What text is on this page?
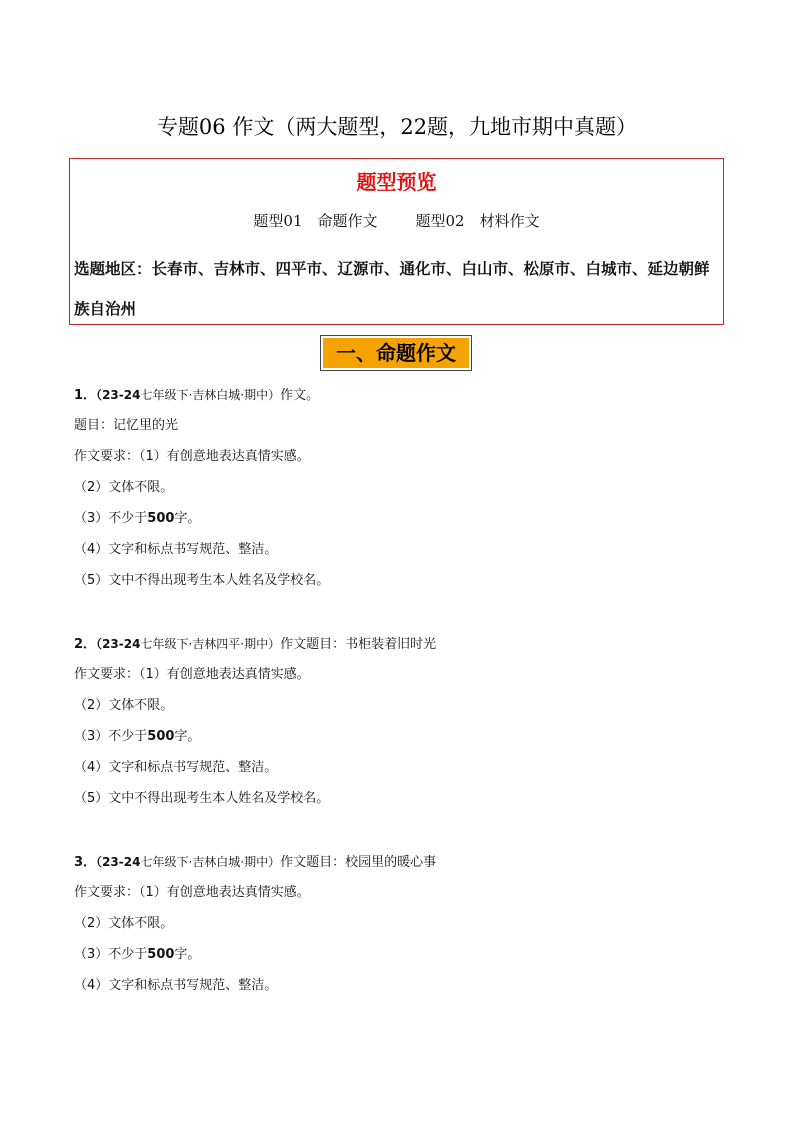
专题06 作文（两大题型，22题，九地市期中真题）
题型预览
题型01　命题作文	题型02　材料作文
选题地区：长春市、吉林市、四平市、辽源市、通化市、白山市、松原市、白城市、延边朝鲜族自治州
一、命题作文
1．（23-24七年级下·吉林白城·期中）作文。
题目：记忆里的光
作文要求：（1）有创意地表达真情实感。
（2）文体不限。
（3）不少于500字。
（4）文字和标点书写规范、整洁。
（5）文中不得出现考生本人姓名及学校名。
2．（23-24七年级下·吉林四平·期中）作文题目：书柜装着旧时光
作文要求：（1）有创意地表达真情实感。
（2）文体不限。
（3）不少于500字。
（4）文字和标点书写规范、整洁。
（5）文中不得出现考生本人姓名及学校名。
3．（23-24七年级下·吉林白城·期中）作文题目：校园里的暖心事
作文要求：（1）有创意地表达真情实感。
（2）文体不限。
（3）不少于500字。
（4）文字和标点书写规范、整洁。
